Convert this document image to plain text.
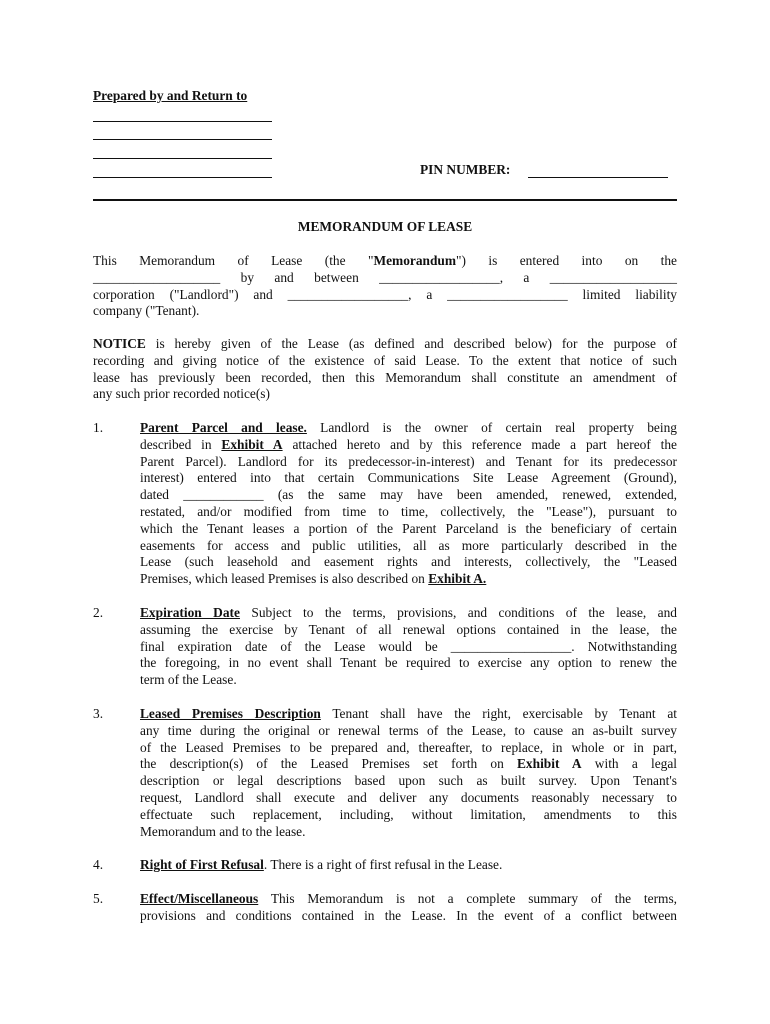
Prepared by and Return to

PIN NUMBER:

MEMORANDUM OF LEASE

This Memorandum of Lease (the "Memorandum") is entered into on the
___________________ by and between __________________, a ___________________
corporation ("Landlord") and __________________, a __________________ limited liability
company ("Tenant).
NOTICE is hereby given of the Lease (as defined and described below) for the purpose of
recording and giving notice of the existence of said Lease. To the extent that notice of such
lease has previously been recorded, then this Memorandum shall constitute an amendment of
any such prior recorded notice(s)
1.	Parent Parcel and lease. Landlord is the owner of certain real property being
described in Exhibit A attached hereto and by this reference made a part hereof the
Parent Parcel). Landlord for its predecessor-in-interest) and Tenant for its predecessor
interest) entered into that certain Communications Site Lease Agreement (Ground),
dated ____________ (as the same may have been amended, renewed, extended,
restated, and/or modified from time to time, collectively, the "Lease"), pursuant to
which the Tenant leases a portion of the Parent Parceland is the beneficiary of certain
easements for access and public utilities, all as more particularly described in the
Lease (such leasehold and easement rights and interests, collectively, the "Leased
Premises, which leased Premises is also described on Exhibit A.
2.	Expiration Date Subject to the terms, provisions, and conditions of the lease, and
assuming the exercise by Tenant of all renewal options contained in the lease, the
final expiration date of the Lease would be __________________. Notwithstanding
the foregoing, in no event shall Tenant be required to exercise any option to renew the
term of the Lease.
3.	Leased Premises Description Tenant shall have the right, exercisable by Tenant at
any time during the original or renewal terms of the Lease, to cause an as-built survey
of the Leased Premises to be prepared and, thereafter, to replace, in whole or in part,
the description(s) of the Leased Premises set forth on Exhibit A with a legal
description or legal descriptions based upon such as built survey. Upon Tenant's
request, Landlord shall execute and deliver any documents reasonably necessary to
effectuate such replacement, including, without limitation, amendments to this
Memorandum and to the lease.
4.	Right of First Refusal. There is a right of first refusal in the Lease.
5.	Effect/Miscellaneous This Memorandum is not a complete summary of the terms,
provisions and conditions contained in the Lease. In the event of a conflict between
